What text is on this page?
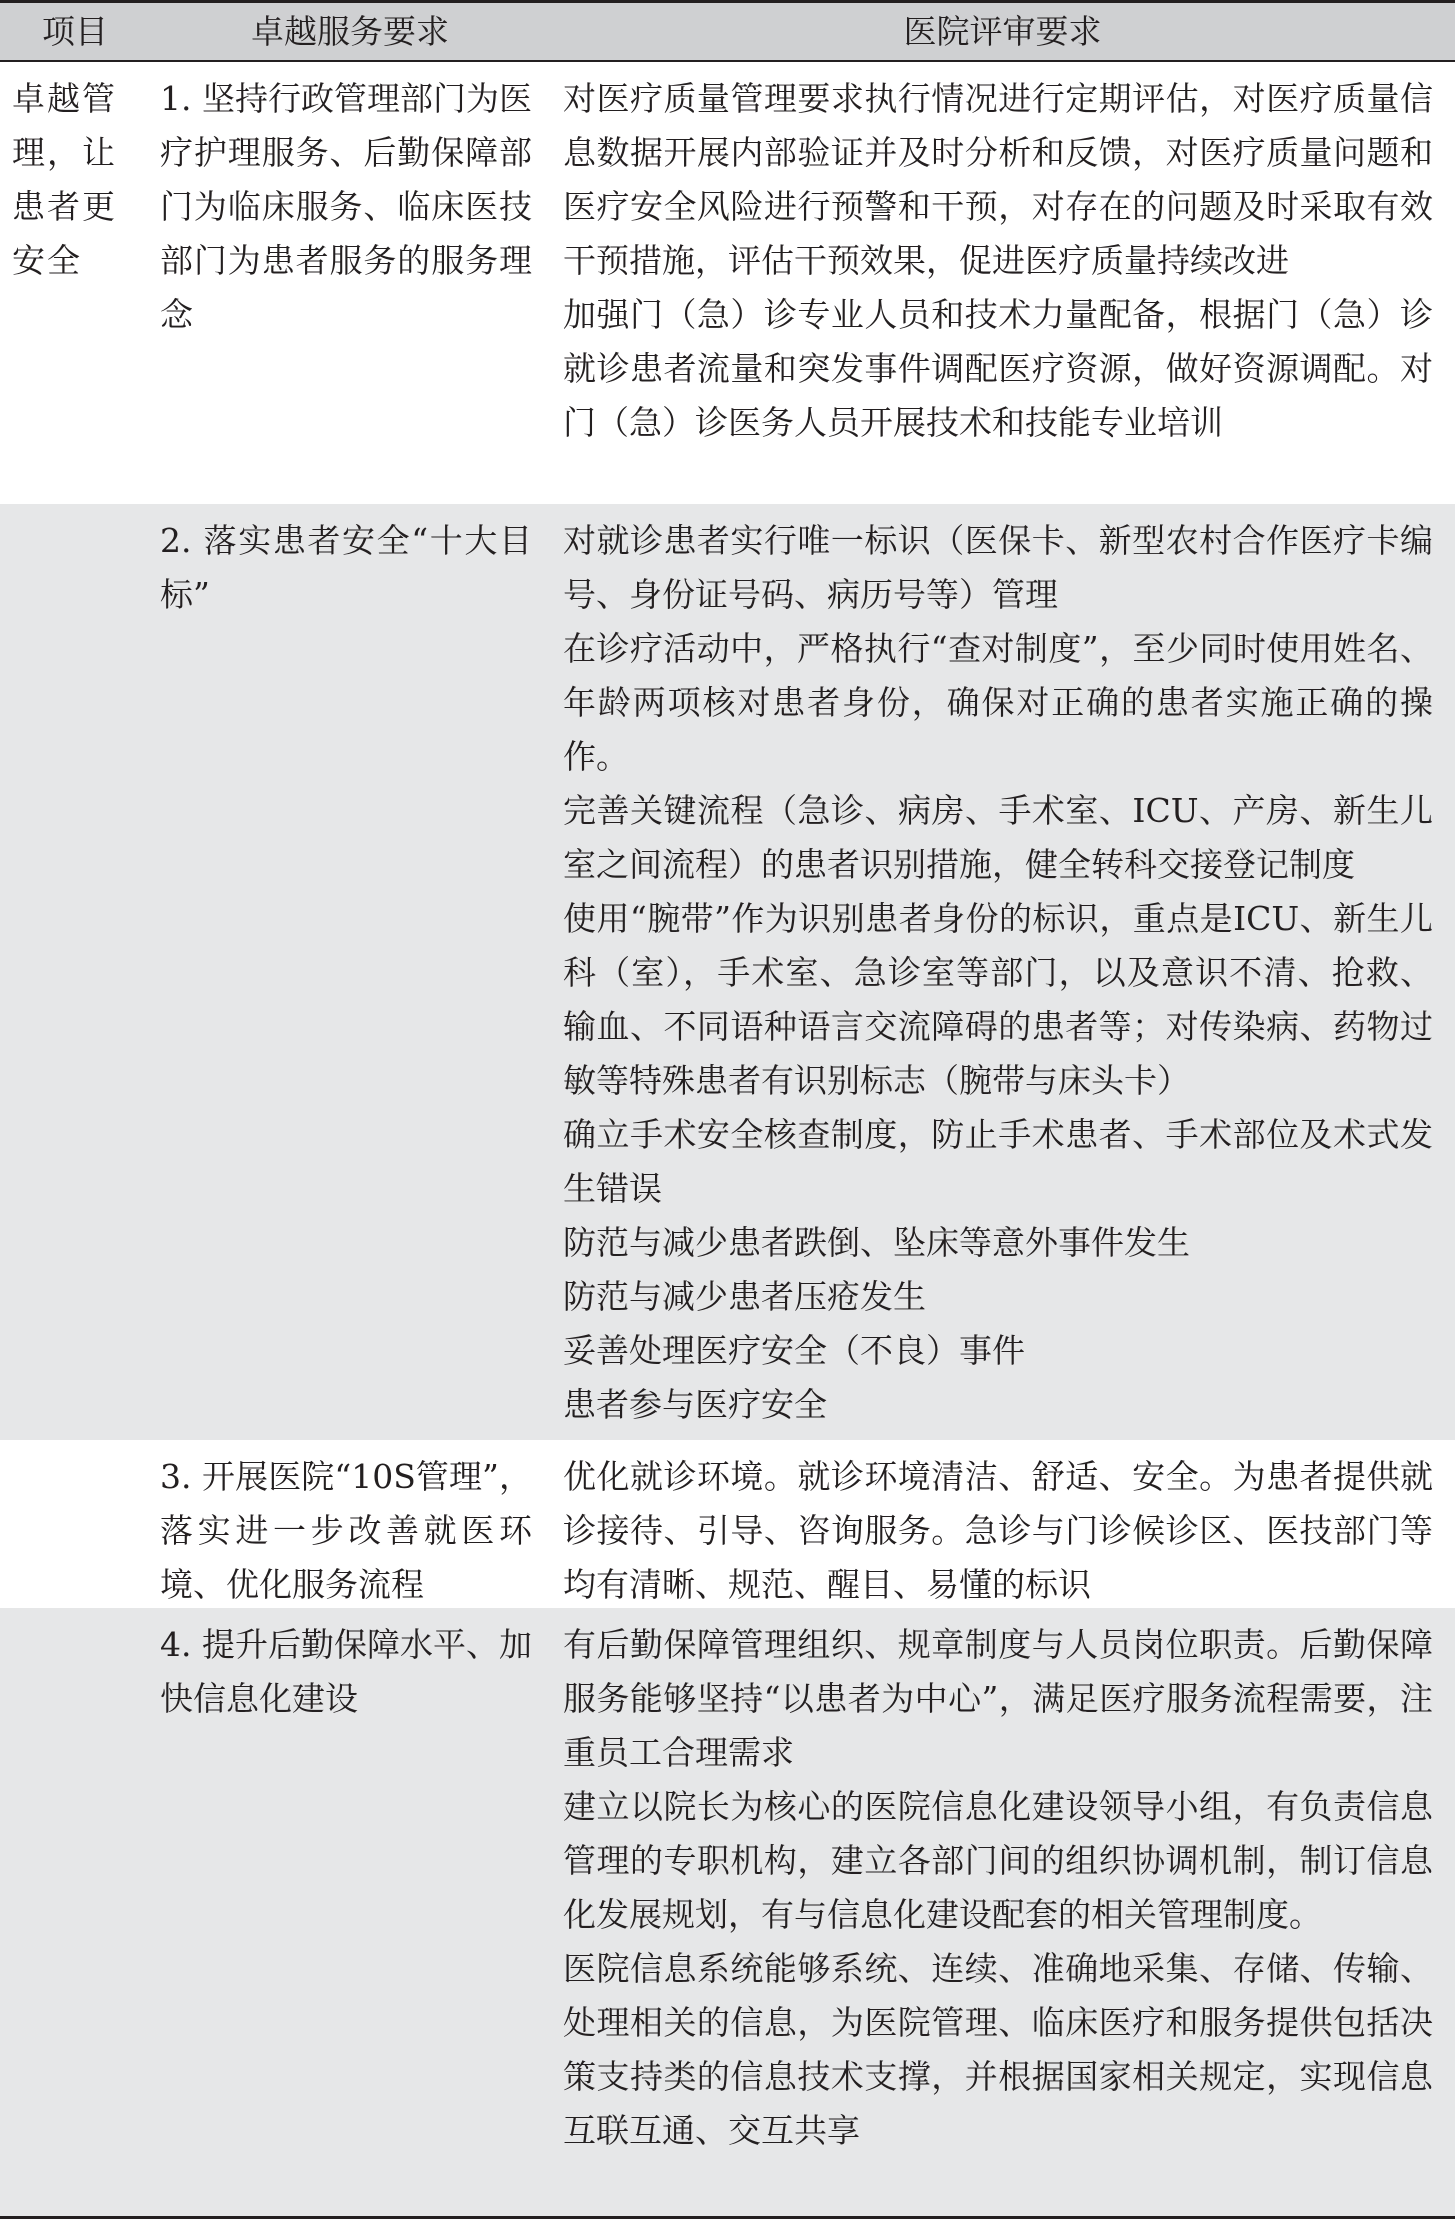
项目	卓越服务要求	医院评审要求
卓越管理，让患者更安全
1. 坚持行政管理部门为医疗护理服务、后勤保障部门为临床服务、临床医技部门为患者服务的服务理念
对医疗质量管理要求执行情况进行定期评估，对医疗质量信息数据开展内部验证并及时分析和反馈，对医疗质量问题和医疗安全风险进行预警和干预，对存在的问题及时采取有效干预措施，评估干预效果，促进医疗质量持续改进
加强门（急）诊专业人员和技术力量配备，根据门（急）诊就诊患者流量和突发事件调配医疗资源，做好资源调配。对门（急）诊医务人员开展技术和技能专业培训
2. 落实患者安全“十大目标”
对就诊患者实行唯一标识（医保卡、新型农村合作医疗卡编号、身份证号码、病历号等）管理
在诊疗活动中，严格执行“查对制度”，至少同时使用姓名、年龄两项核对患者身份，确保对正确的患者实施正确的操作。
完善关键流程（急诊、病房、手术室、ICU、产房、新生儿室之间流程）的患者识别措施，健全转科交接登记制度
使用“腕带”作为识别患者身份的标识，重点是ICU、新生儿科（室），手术室、急诊室等部门，以及意识不清、抢救、输血、不同语种语言交流障碍的患者等；对传染病、药物过敏等特殊患者有识别标志（腕带与床头卡）
确立手术安全核查制度，防止手术患者、手术部位及术式发生错误
防范与减少患者跌倒、坠床等意外事件发生
防范与减少患者压疮发生
妥善处理医疗安全（不良）事件
患者参与医疗安全
3. 开展医院“10S管理”，落实进一步改善就医环境、优化服务流程
优化就诊环境。就诊环境清洁、舒适、安全。为患者提供就诊接待、引导、咨询服务。急诊与门诊候诊区、医技部门等均有清晰、规范、醒目、易懂的标识
4. 提升后勤保障水平、加快信息化建设
有后勤保障管理组织、规章制度与人员岗位职责。后勤保障服务能够坚持“以患者为中心”，满足医疗服务流程需要，注重员工合理需求
建立以院长为核心的医院信息化建设领导小组，有负责信息管理的专职机构，建立各部门间的组织协调机制，制订信息化发展规划，有与信息化建设配套的相关管理制度。
医院信息系统能够系统、连续、准确地采集、存储、传输、处理相关的信息，为医院管理、临床医疗和服务提供包括决策支持类的信息技术支撑，并根据国家相关规定，实现信息互联互通、交互共享
